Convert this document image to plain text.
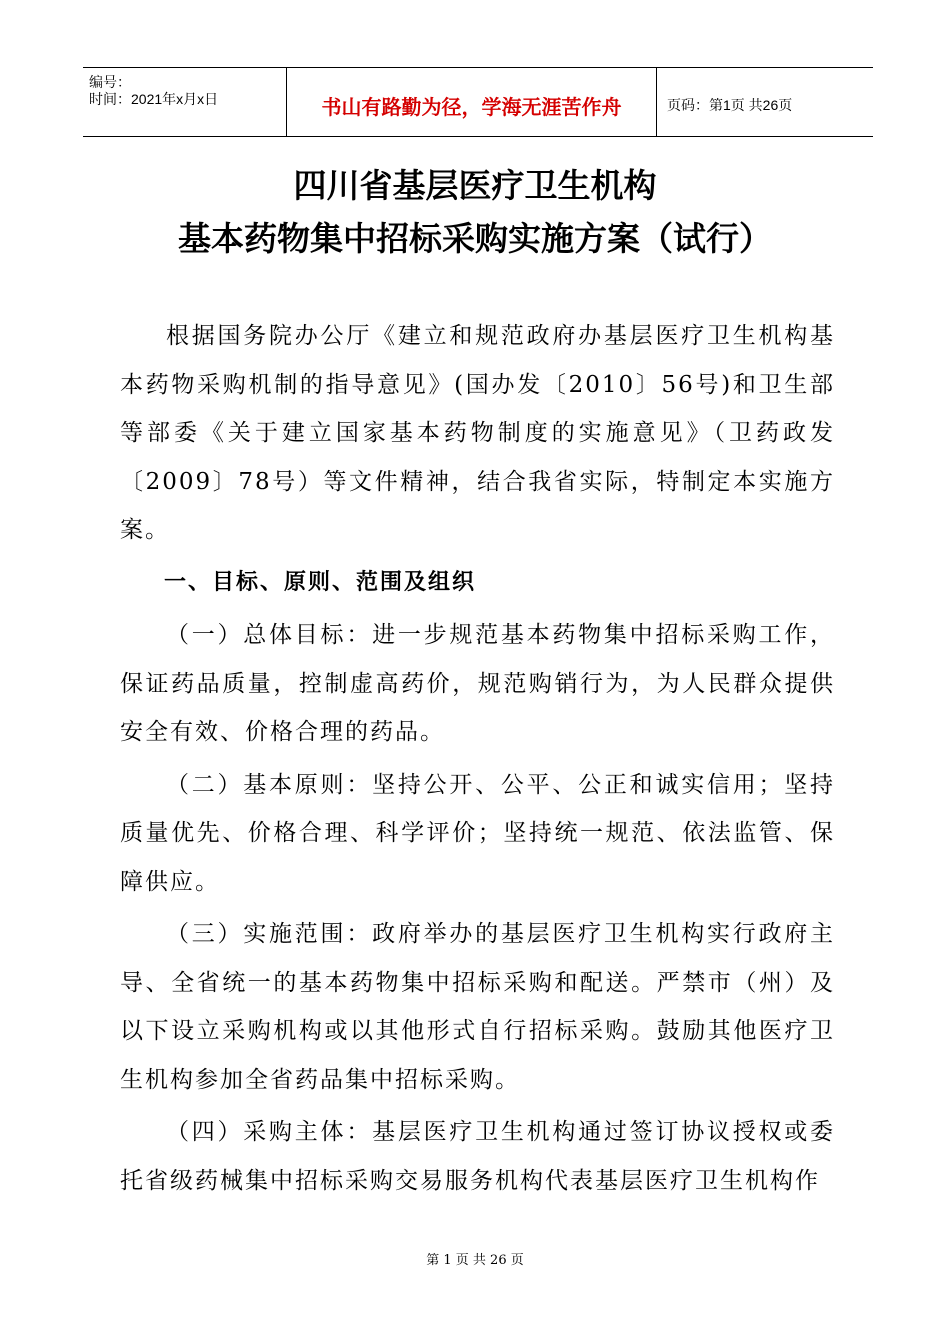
编号：
时间：2021年x月x日	书山有路勤为径，学海无涯苦作舟	页码：第1页 共26页
四川省基层医疗卫生机构
基本药物集中招标采购实施方案（试行）

根据国务院办公厅《建立和规范政府办基层医疗卫生机构基本药物采购机制的指导意见》(国办发〔2010〕56号)和卫生部等部委《关于建立国家基本药物制度的实施意见》（卫药政发〔2009〕78号）等文件精神，结合我省实际，特制定本实施方案。

一、目标、原则、范围及组织

（一）总体目标：进一步规范基本药物集中招标采购工作，保证药品质量，控制虚高药价，规范购销行为，为人民群众提供安全有效、价格合理的药品。

（二）基本原则：坚持公开、公平、公正和诚实信用；坚持质量优先、价格合理、科学评价；坚持统一规范、依法监管、保障供应。

（三）实施范围：政府举办的基层医疗卫生机构实行政府主导、全省统一的基本药物集中招标采购和配送。严禁市（州）及以下设立采购机构或以其他形式自行招标采购。鼓励其他医疗卫生机构参加全省药品集中招标采购。

（四）采购主体：基层医疗卫生机构通过签订协议授权或委托省级药械集中招标采购交易服务机构代表基层医疗卫生机构作

第 1 页 共 26 页
